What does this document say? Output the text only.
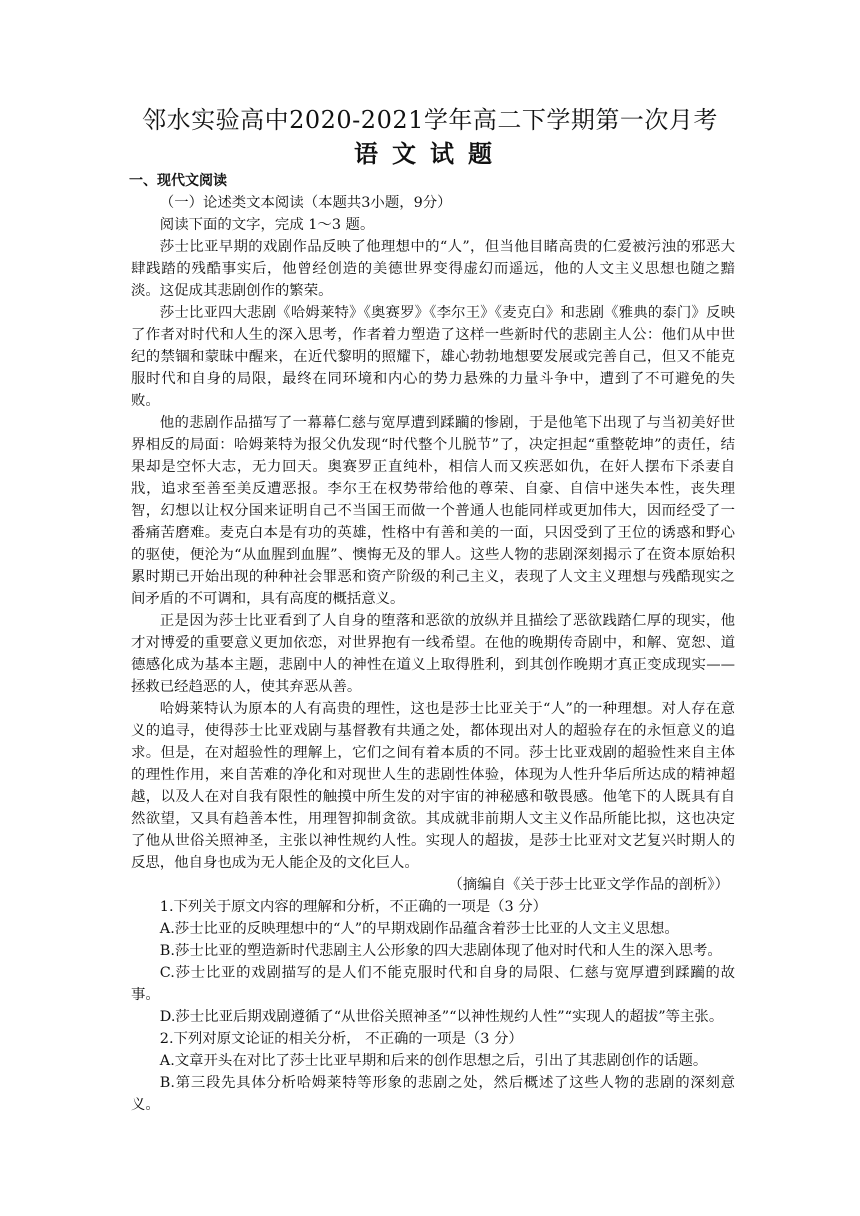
邻水实验高中2020-2021学年高二下学期第一次月考
语文试题
一、现代文阅读

（一）论述类文本阅读（本题共3小题，9分）

阅读下面的文字，完成 1～3 题。

莎士比亚早期的戏剧作品反映了他理想中的“人”，但当他目睹高贵的仁爱被污浊的邪恶大肆践踏的残酷事实后，他曾经创造的美德世界变得虚幻而遥远，他的人文主义思想也随之黯淡。这促成其悲剧创作的繁荣。

莎士比亚四大悲剧《哈姆莱特》《奥赛罗》《李尔王》《麦克白》和悲剧《雅典的泰门》反映了作者对时代和人生的深入思考，作者着力塑造了这样一些新时代的悲剧主人公：他们从中世纪的禁锢和蒙昧中醒来，在近代黎明的照耀下，雄心勃勃地想要发展或完善自己，但又不能克服时代和自身的局限，最终在同环境和内心的势力悬殊的力量斗争中，遭到了不可避免的失败。

他的悲剧作品描写了一幕幕仁慈与宽厚遭到蹂躏的惨剧，于是他笔下出现了与当初美好世界相反的局面：哈姆莱特为报父仇发现“时代整个儿脱节”了，决定担起“重整乾坤”的责任，结果却是空怀大志，无力回天。奥赛罗正直纯朴，相信人而又疾恶如仇，在奸人摆布下杀妻自戕，追求至善至美反遭恶报。李尔王在权势带给他的尊荣、自豪、自信中迷失本性，丧失理智，幻想以让权分国来证明自己不当国王而做一个普通人也能同样或更加伟大，因而经受了一番痛苦磨难。麦克白本是有功的英雄，性格中有善和美的一面，只因受到了王位的诱惑和野心的驱使，便沦为“从血腥到血腥”、懊悔无及的罪人。这些人物的悲剧深刻揭示了在资本原始积累时期已开始出现的种种社会罪恶和资产阶级的利己主义，表现了人文主义理想与残酷现实之间矛盾的不可调和，具有高度的概括意义。

正是因为莎士比亚看到了人自身的堕落和恶欲的放纵并且描绘了恶欲践踏仁厚的现实，他才对博爱的重要意义更加依恋，对世界抱有一线希望。在他的晚期传奇剧中，和解、宽恕、道德感化成为基本主题，悲剧中人的神性在道义上取得胜利，到其创作晚期才真正变成现实——拯救已经趋恶的人，使其弃恶从善。

哈姆莱特认为原本的人有高贵的理性，这也是莎士比亚关于“人”的一种理想。对人存在意义的追寻，使得莎士比亚戏剧与基督教有共通之处，都体现出对人的超验存在的永恒意义的追求。但是，在对超验性的理解上，它们之间有着本质的不同。莎士比亚戏剧的超验性来自主体的理性作用，来自苦难的净化和对现世人生的悲剧性体验，体现为人性升华后所达成的精神超越，以及人在对自我有限性的触摸中所生发的对宇宙的神秘感和敬畏感。他笔下的人既具有自然欲望，又具有趋善本性，用理智抑制贪欲。其成就非前期人文主义作品所能比拟，这也决定了他从世俗关照神圣，主张以神性规约人性。实现人的超拔，是莎士比亚对文艺复兴时期人的反思，他自身也成为无人能企及的文化巨人。

（摘编自《关于莎士比亚文学作品的剖析》）

1.下列关于原文内容的理解和分析，不正确的一项是（3 分）

A.莎士比亚的反映理想中的“人”的早期戏剧作品蕴含着莎士比亚的人文主义思想。

B.莎士比亚的塑造新时代悲剧主人公形象的四大悲剧体现了他对时代和人生的深入思考。

C.莎士比亚的戏剧描写的是人们不能克服时代和自身的局限、仁慈与宽厚遭到蹂躏的故事。

D.莎士比亚后期戏剧遵循了“从世俗关照神圣”“以神性规约人性”“实现人的超拔”等主张。

2.下列对原文论证的相关分析， 不正确的一项是（3 分）

A.文章开头在对比了莎士比亚早期和后来的创作思想之后，引出了其悲剧创作的话题。

B.第三段先具体分析哈姆莱特等形象的悲剧之处，然后概述了这些人物的悲剧的深刻意义。
